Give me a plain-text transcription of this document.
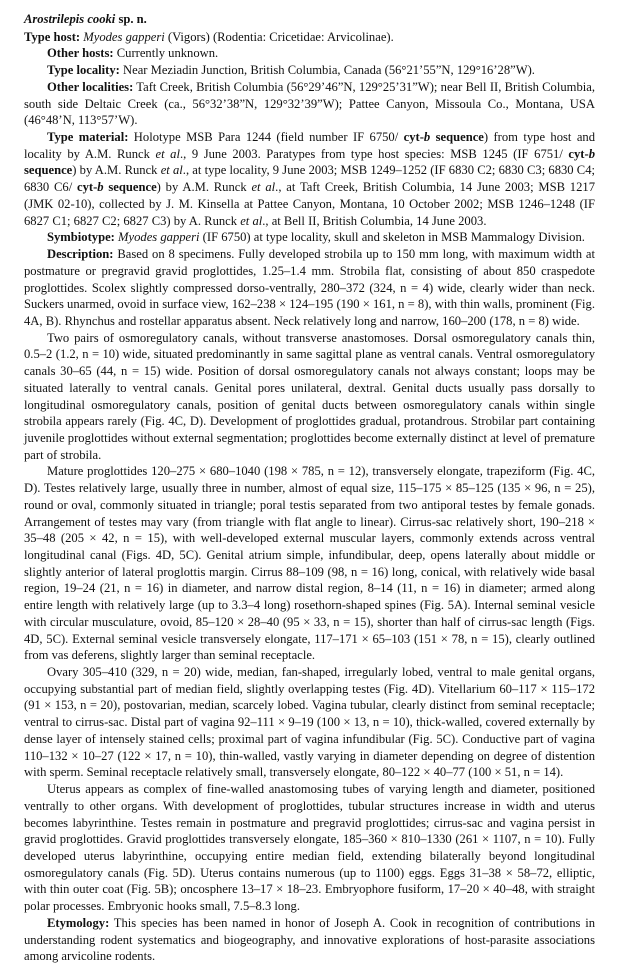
Arostrilepis cooki sp. n.

Type host: Myodes gapperi (Vigors) (Rodentia: Cricetidae: Arvicolinae).

Other hosts: Currently unknown.

Type locality: Near Meziadin Junction, British Columbia, Canada (56°21’55”N, 129°16’28”W).

Other localities: Taft Creek, British Columbia (56°29’46”N, 129°25’31”W); near Bell II, British Columbia, south side Deltaic Creek (ca., 56°32’38”N, 129°32’39”W); Pattee Canyon, Missoula Co., Montana, USA (46°48’N, 113°57’W).

Type material: Holotype MSB Para 1244 (field number IF 6750/ cyt-b sequence) from type host and locality by A.M. Runck et al., 9 June 2003. Paratypes from type host species: MSB 1245 (IF 6751/ cyt-b sequence) by A.M. Runck et al., at type locality, 9 June 2003; MSB 1249–1252 (IF 6830 C2; 6830 C3; 6830 C4; 6830 C6/ cyt-b sequence) by A.M. Runck et al., at Taft Creek, British Columbia, 14 June 2003; MSB 1217 (JMK 02-10), collected by J. M. Kinsella at Pattee Canyon, Montana, 10 October 2002; MSB 1246–1248 (IF 6827 C1; 6827 C2; 6827 C3) by A. Runck et al., at Bell II, British Columbia, 14 June 2003.

Symbiotype: Myodes gapperi (IF 6750) at type locality, skull and skeleton in MSB Mammalogy Division.

Description: Based on 8 specimens. Fully developed strobila up to 150 mm long, with maximum width at postmature or pregravid gravid proglottides, 1.25–1.4 mm. Strobila flat, consisting of about 850 craspedote proglottides. Scolex slightly compressed dorso-ventrally, 280–372 (324, n = 4) wide, clearly wider than neck. Suckers unarmed, ovoid in surface view, 162–238 × 124–195 (190 × 161, n = 8), with thin walls, prominent (Fig. 4A, B). Rhynchus and rostellar apparatus absent. Neck relatively long and narrow, 160–200 (178, n = 8) wide.

Two pairs of osmoregulatory canals, without transverse anastomoses. Dorsal osmoregulatory canals thin, 0.5–2 (1.2, n = 10) wide, situated predominantly in same sagittal plane as ventral canals. Ventral osmoregulatory canals 30–65 (44, n = 15) wide. Position of dorsal osmoregulatory canals not always constant; loops may be situated laterally to ventral canals. Genital pores unilateral, dextral. Genital ducts usually pass dorsally to longitudinal osmoregulatory canals, position of genital ducts between osmoregulatory canals within single strobila appears rarely (Fig. 4C, D). Development of proglottides gradual, protandrous. Strobilar part containing juvenile proglottides without external segmentation; proglottides become externally distinct at level of premature part of strobila.

Mature proglottides 120–275 × 680–1040 (198 × 785, n = 12), transversely elongate, trapeziform (Fig. 4C, D). Testes relatively large, usually three in number, almost of equal size, 115–175 × 85–125 (135 × 96, n = 25), round or oval, commonly situated in triangle; poral testis separated from two antiporal testes by female gonads. Arrangement of testes may vary (from triangle with flat angle to linear). Cirrus-sac relatively short, 190–218 × 35–48 (205 × 42, n = 15), with well-developed external muscular layers, commonly extends across ventral longitudinal canal (Figs. 4D, 5C). Genital atrium simple, infundibular, deep, opens laterally about middle or slightly anterior of lateral proglottis margin. Cirrus 88–109 (98, n = 16) long, conical, with relatively wide basal region, 19–24 (21, n = 16) in diameter, and narrow distal region, 8–14 (11, n = 16) in diameter; armed along entire length with relatively large (up to 3.3–4 long) rosethorn-shaped spines (Fig. 5A). Internal seminal vesicle with circular musculature, ovoid, 85–120 × 28–40 (95 × 33, n = 15), shorter than half of cirrus-sac length (Figs. 4D, 5C). External seminal vesicle transversely elongate, 117–171 × 65–103 (151 × 78, n = 15), clearly outlined from vas deferens, slightly larger than seminal receptacle.

Ovary 305–410 (329, n = 20) wide, median, fan-shaped, irregularly lobed, ventral to male genital organs, occupying substantial part of median field, slightly overlapping testes (Fig. 4D). Vitellarium 60–117 × 115–172 (91 × 153, n = 20), postovarian, median, scarcely lobed. Vagina tubular, clearly distinct from seminal receptacle; ventral to cirrus-sac. Distal part of vagina 92–111 × 9–19 (100 × 13, n = 10), thick-walled, covered externally by dense layer of intensely stained cells; proximal part of vagina infundibular (Fig. 5C). Conductive part of vagina 110–132 × 10–27 (122 × 17, n = 10), thin-walled, vastly varying in diameter depending on degree of distention with sperm. Seminal receptacle relatively small, transversely elongate, 80–122 × 40–77 (100 × 51, n = 14).

Uterus appears as complex of fine-walled anastomosing tubes of varying length and diameter, positioned ventrally to other organs. With development of proglottides, tubular structures increase in width and uterus becomes labyrinthine. Testes remain in postmature and pregravid proglottides; cirrus-sac and vagina persist in gravid proglottides. Gravid proglottides transversely elongate, 185–360 × 810–1330 (261 × 1107, n = 10). Fully developed uterus labyrinthine, occupying entire median field, extending bilaterally beyond longitudinal osmoregulatory canals (Fig. 5D). Uterus contains numerous (up to 1100) eggs. Eggs 31–38 × 58–72, elliptic, with thin outer coat (Fig. 5B); oncosphere 13–17 × 18–23. Embryophore fusiform, 17–20 × 40–48, with straight polar processes. Embryonic hooks small, 7.5–8.3 long.

Etymology: This species has been named in honor of Joseph A. Cook in recognition of contributions in understanding rodent systematics and biogeography, and innovative explorations of host-parasite associations among arvicoline rodents.
